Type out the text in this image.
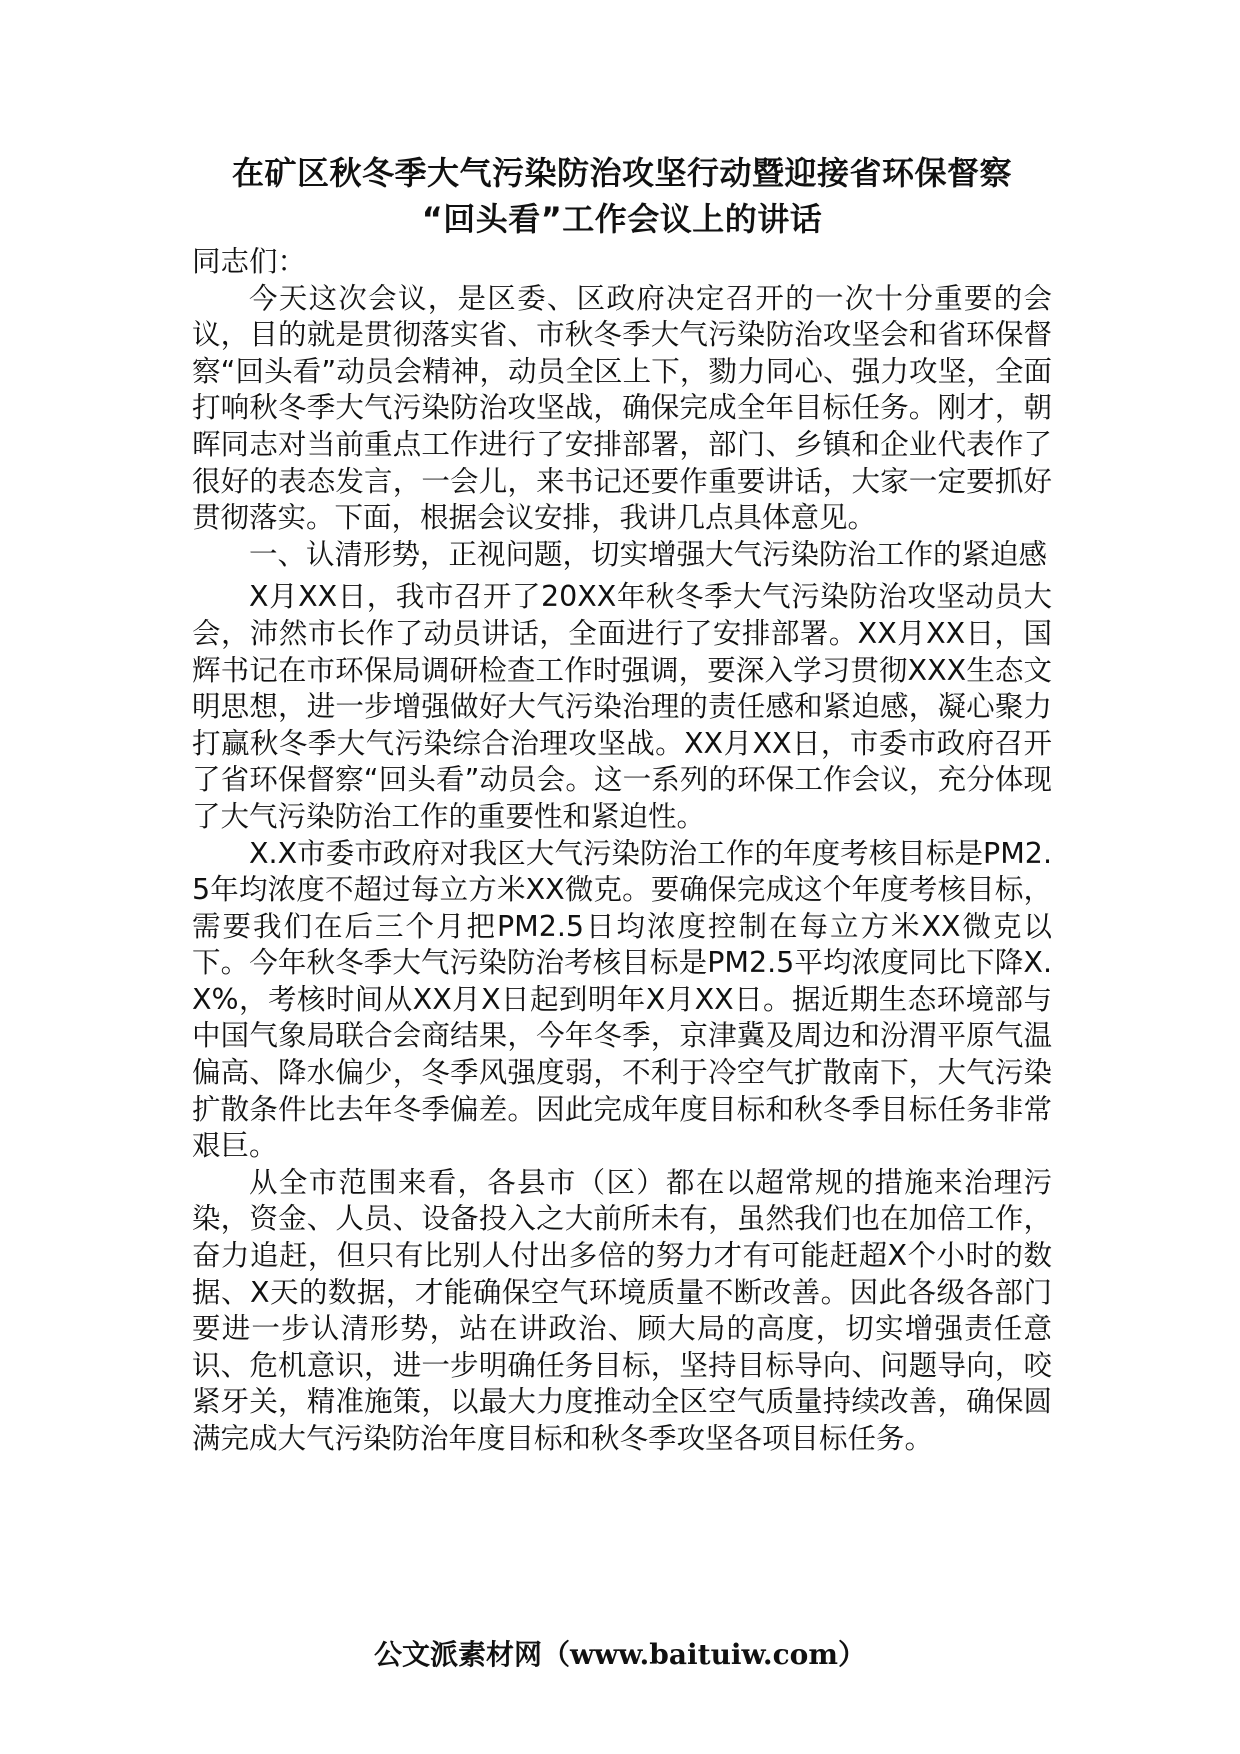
在矿区秋冬季大气污染防治攻坚行动暨迎接省环保督察
“回头看”工作会议上的讲话

同志们：

今天这次会议，是区委、区政府决定召开的一次十分重要的会议，目的就是贯彻落实省、市秋冬季大气污染防治攻坚会和省环保督察“回头看”动员会精神，动员全区上下，勠力同心、强力攻坚，全面打响秋冬季大气污染防治攻坚战，确保完成全年目标任务。刚才，朝晖同志对当前重点工作进行了安排部署，部门、乡镇和企业代表作了很好的表态发言，一会儿，来书记还要作重要讲话，大家一定要抓好贯彻落实。下面，根据会议安排，我讲几点具体意见。

一、认清形势，正视问题，切实增强大气污染防治工作的紧迫感

X月XX日，我市召开了20XX年秋冬季大气污染防治攻坚动员大会，沛然市长作了动员讲话，全面进行了安排部署。XX月XX日，国辉书记在市环保局调研检查工作时强调，要深入学习贯彻XXX生态文明思想，进一步增强做好大气污染治理的责任感和紧迫感，凝心聚力打赢秋冬季大气污染综合治理攻坚战。XX月XX日，市委市政府召开了省环保督察“回头看”动员会。这一系列的环保工作会议，充分体现了大气污染防治工作的重要性和紧迫性。

X.X市委市政府对我区大气污染防治工作的年度考核目标是PM2.5年均浓度不超过每立方米XX微克。要确保完成这个年度考核目标，需要我们在后三个月把PM2.5日均浓度控制在每立方米XX微克以下。今年秋冬季大气污染防治考核目标是PM2.5平均浓度同比下降X.X%，考核时间从XX月X日起到明年X月XX日。据近期生态环境部与中国气象局联合会商结果，今年冬季，京津冀及周边和汾渭平原气温偏高、降水偏少，冬季风强度弱，不利于冷空气扩散南下，大气污染扩散条件比去年冬季偏差。因此完成年度目标和秋冬季目标任务非常艰巨。

从全市范围来看，各县市（区）都在以超常规的措施来治理污染，资金、人员、设备投入之大前所未有，虽然我们也在加倍工作，奋力追赶，但只有比别人付出多倍的努力才有可能赶超X个小时的数据、X天的数据，才能确保空气环境质量不断改善。因此各级各部门要进一步认清形势，站在讲政治、顾大局的高度，切实增强责任意识、危机意识，进一步明确任务目标，坚持目标导向、问题导向，咬紧牙关，精准施策，以最大力度推动全区空气质量持续改善，确保圆满完成大气污染防治年度目标和秋冬季攻坚各项目标任务。

公文派素材网（www.baituiw.com）
